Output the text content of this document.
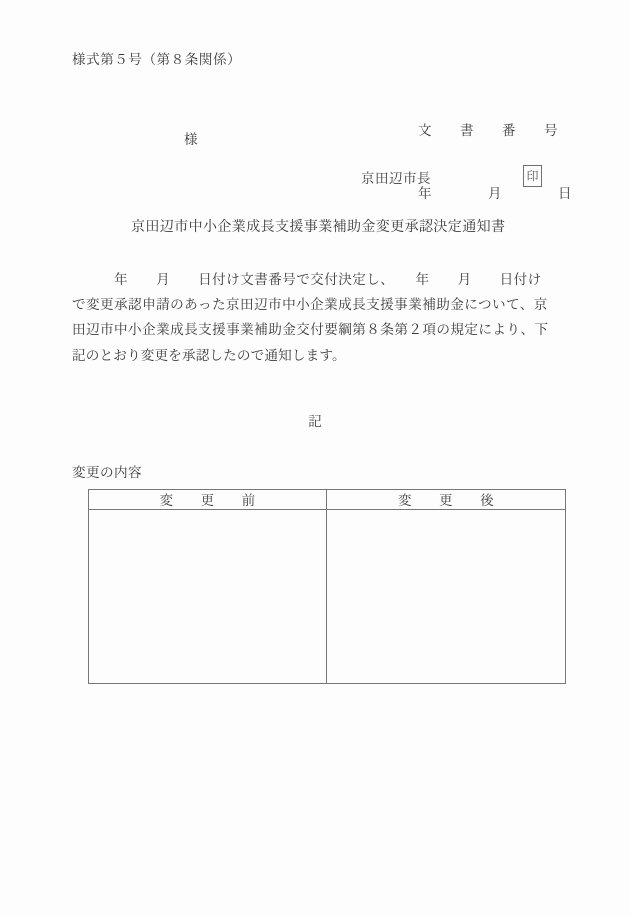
様式第５号（第８条関係）

文　　書　　番　　号

年　　　　月　　　　日

様

京田辺市長

	印

京田辺市中小企業成長支援事業補助金変更承認決定通知書
　　　年　　月　　日付け文書番号で交付決定し、　　年　　月　　日付け
で変更承認申請のあった京田辺市中小企業成長支援事業補助金について、京
田辺市中小企業成長支援事業補助金交付要綱第８条第２項の規定により、下
記のとおり変更を承認したので通知します。
記
変更の内容
変　　更　　前	変　　更　　後
